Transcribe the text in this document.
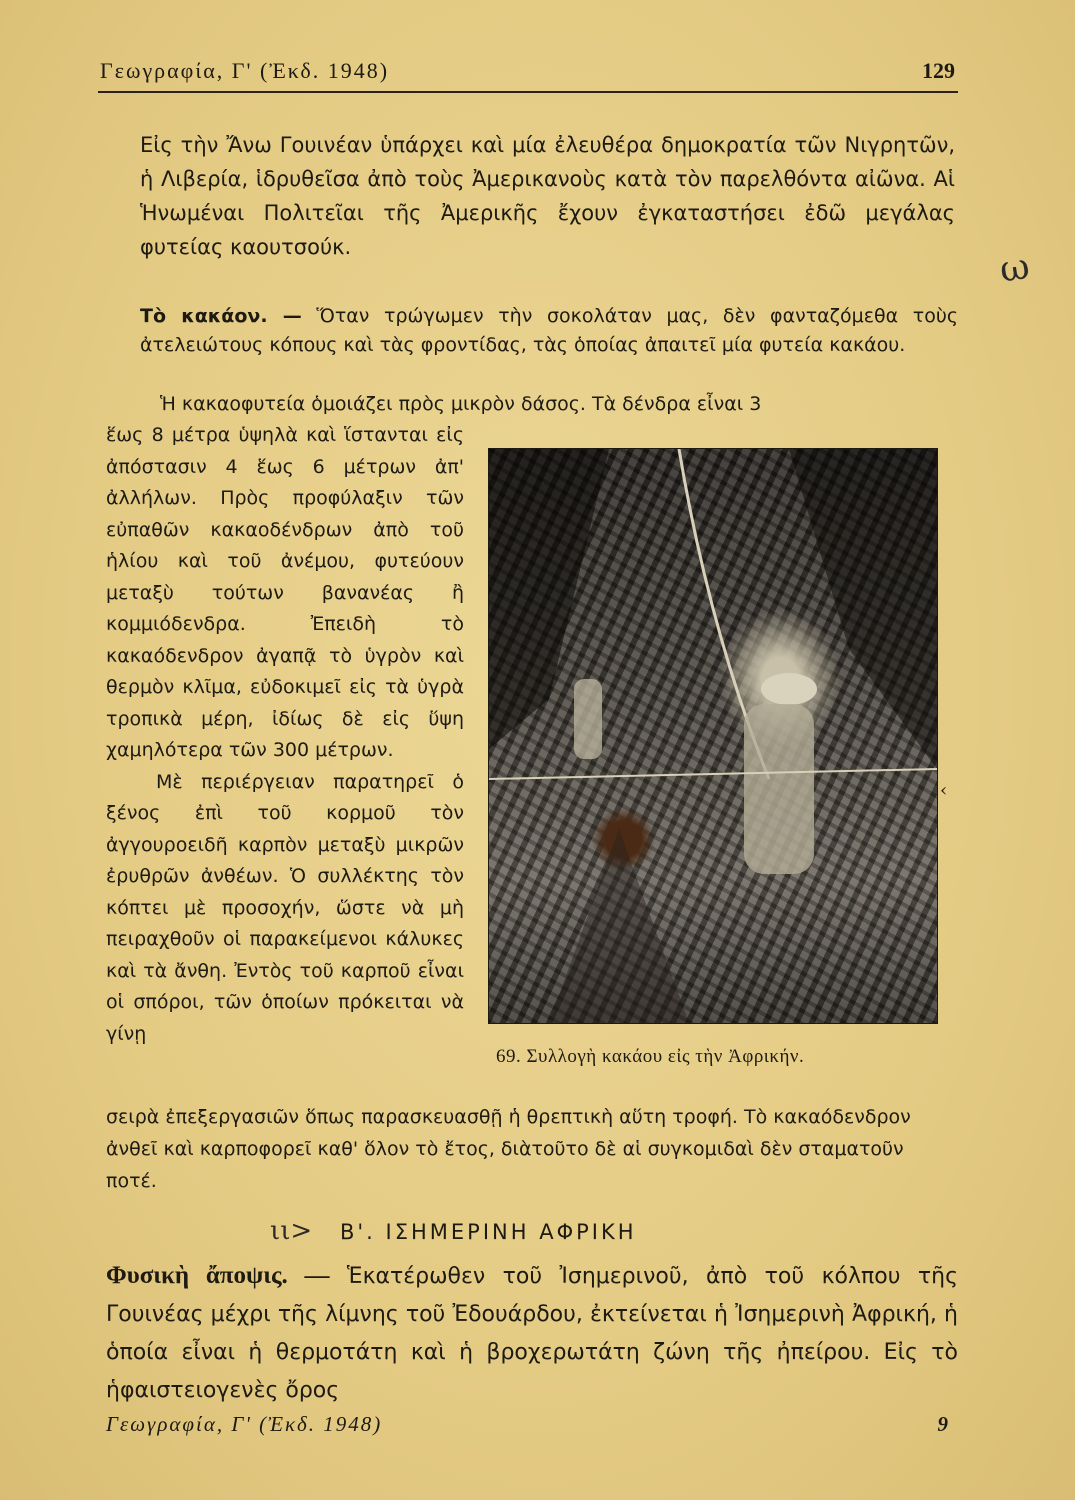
Γεωγραφία, Γ' (Ἐκδ. 1948)	129
Εἰς τὴν Ἄνω Γουινέαν ὑπάρχει καὶ μία ἐλευθέρα δημοκρατία τῶν Νιγρητῶν, ἡ Λιβερία, ἱδρυθεῖσα ἀπὸ τοὺς Ἀμερικανοὺς κατὰ τὸν παρελθόντα αἰῶνα. Αἱ Ἡνωμέναι Πολιτεῖαι τῆς Ἀμερικῆς ἔχουν ἐγκαταστήσει ἐδῶ μεγάλας φυτείας καουτσούκ.	ω
Τὸ κακάον. — Ὅταν τρώγωμεν τὴν σοκολάταν μας, δὲν φανταζόμεθα τοὺς ἀτελειώτους κόπους καὶ τὰς φροντίδας, τὰς ὁποίας ἀπαιτεῖ μία φυτεία κακάου.
Ἡ κακαοφυτεία ὁμοιάζει πρὸς μικρὸν δάσος. Τὰ δένδρα εἶναι 3

ἕως 8 μέτρα ὑψηλὰ καὶ ἵστανται εἰς ἀπόστασιν 4 ἕως 6 μέτρων ἀπ' ἀλλήλων. Πρὸς προφύλαξιν τῶν εὐπαθῶν κακαοδένδρων ἀπὸ τοῦ ἡλίου καὶ τοῦ ἀνέμου, φυτεύουν μεταξὺ τούτων βανανέας ἢ κομμιόδενδρα. Ἐπειδὴ τὸ κακαόδενδρον ἀγαπᾷ τὸ ὑγρὸν καὶ θερμὸν κλῖμα, εὐδοκιμεῖ εἰς τὰ ὑγρὰ τροπικὰ μέρη, ἰδίως δὲ εἰς ὕψη χαμηλότερα τῶν 300 μέτρων.

Μὲ περιέργειαν παρατηρεῖ ὁ ξένος ἐπὶ τοῦ κορμοῦ τὸν ἀγγουροειδῆ καρπὸν μεταξὺ μικρῶν ἐρυθρῶν ἀνθέων. Ὁ συλλέκτης τὸν κόπτει μὲ προσοχήν, ὥστε νὰ μὴ πειραχθοῦν οἱ παρακείμενοι κάλυκες καὶ τὰ ἄνθη. Ἐντὸς τοῦ καρποῦ εἶναι οἱ σπόροι, τῶν ὁποίων πρόκειται νὰ γίνῃ

69. Συλλογὴ κακάου εἰς τὴν Ἀφρικήν.
‹
σειρὰ ἐπεξεργασιῶν ὅπως παρασκευασθῇ ἡ θρεπτικὴ αὕτη τροφή. Τὸ κακαόδενδρον ἀνθεῖ καὶ καρποφορεῖ καθ' ὅλον τὸ ἔτος, διὰτοῦτο δὲ αἱ συγκομιδαὶ δὲν σταματοῦν ποτέ.
ιι> Β'. ΙΣΗΜΕΡΙΝΗ ΑΦΡΙΚΗ
Φυσικὴ ἄποψις. — Ἑκατέρωθεν τοῦ Ἰσημερινοῦ, ἀπὸ τοῦ κόλπου τῆς Γουινέας μέχρι τῆς λίμνης τοῦ Ἐδουάρδου, ἐκτείνεται ἡ Ἰσημερινὴ Ἀφρική, ἡ ὁποία εἶναι ἡ θερμοτάτη καὶ ἡ βροχερωτάτη ζώνη τῆς ἠπείρου. Εἰς τὸ ἡφαιστειογενὲς ὄρος
Γεωγραφία, Γ' (Ἐκδ. 1948)	9
